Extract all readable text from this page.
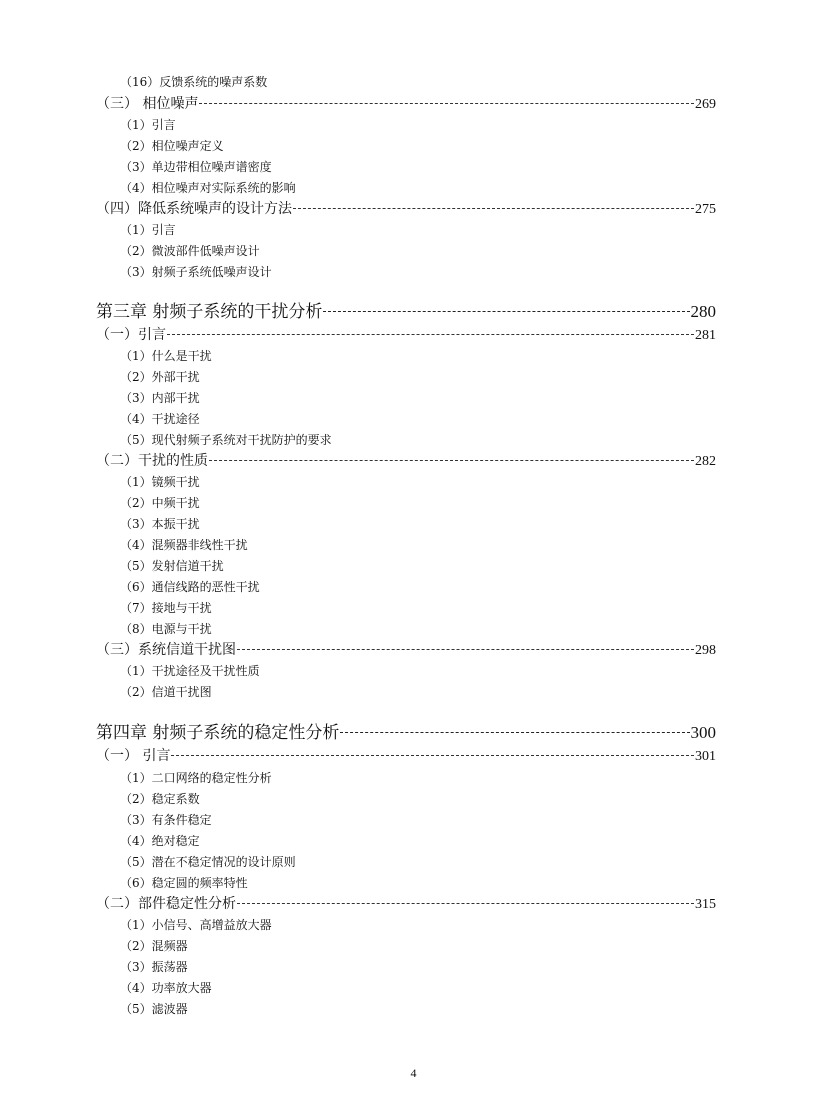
（16）反馈系统的噪声系数
（三） 相位噪声	269
（1）引言
（2）相位噪声定义
（3）单边带相位噪声谱密度
（4）相位噪声对实际系统的影响
（四）降低系统噪声的设计方法	275
（1）引言
（2）微波部件低噪声设计
（3）射频子系统低噪声设计
第三章 射频子系统的干扰分析	280
（一）引言	281
（1）什么是干扰
（2）外部干扰
（3）内部干扰
（4）干扰途径
（5）现代射频子系统对干扰防护的要求
（二）干扰的性质	282
（1）镜频干扰
（2）中频干扰
（3）本振干扰
（4）混频器非线性干扰
（5）发射信道干扰
（6）通信线路的恶性干扰
（7）接地与干扰
（8）电源与干扰
（三）系统信道干扰图	298
（1）干扰途径及干扰性质
（2）信道干扰图
第四章 射频子系统的稳定性分析	300
（一） 引言	301
（1）二口网络的稳定性分析
（2）稳定系数
（3）有条件稳定
（4）绝对稳定
（5）潜在不稳定情况的设计原则
（6）稳定圆的频率特性
（二）部件稳定性分析	315
（1）小信号、高增益放大器
（2）混频器
（3）振荡器
（4）功率放大器
（5）滤波器
4
